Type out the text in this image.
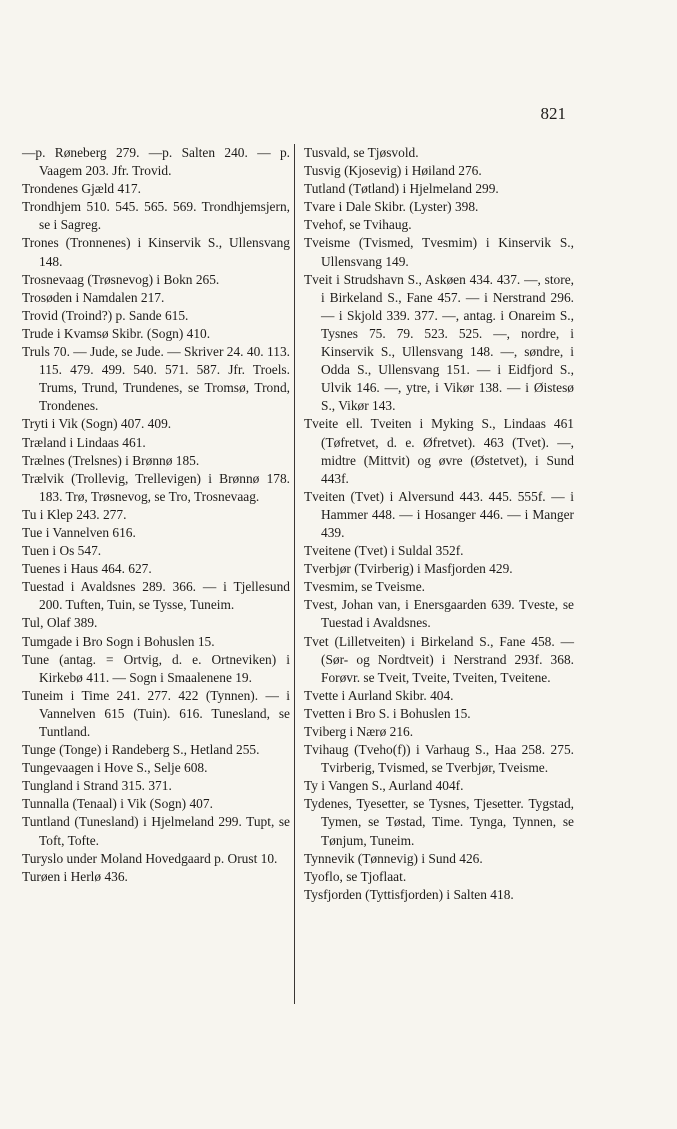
821
—p. Røneberg 279. —p. Salten 240. — p. Vaagem 203. Jfr. Trovid.
Trondenes Gjæld 417.
Trondhjem 510. 545. 565. 569. Trondhjemsjern, se i Sagreg.
Trones (Tronnenes) i Kinservik S., Ullensvang 148.
Trosnevaag (Trøsnevog) i Bokn 265.
Trosøden i Namdalen 217.
Trovid (Troind?) p. Sande 615.
Trude i Kvamsø Skibr. (Sogn) 410.
Truls 70. — Jude, se Jude. — Skriver 24. 40. 113. 115. 479. 499. 540. 571. 587. Jfr. Troels. Trums, Trund, Trundenes, se Tromsø, Trond, Trondenes.
Tryti i Vik (Sogn) 407. 409.
Træland i Lindaas 461.
Trælnes (Trelsnes) i Brønnø 185.
Trælvik (Trollevig, Trellevigen) i Brønnø 178. 183. Trø, Trøsnevog, se Tro, Trosnevaag.
Tu i Klep 243. 277.
Tue i Vannelven 616.
Tuen i Os 547.
Tuenes i Haus 464. 627.
Tuestad i Avaldsnes 289. 366. — i Tjellesund 200. Tuften, Tuin, se Tysse, Tuneim.
Tul, Olaf 389.
Tumgade i Bro Sogn i Bohuslen 15.
Tune (antag. = Ortvig, d. e. Ortneviken) i Kirkebø 411. — Sogn i Smaalenene 19.
Tuneim i Time 241. 277. 422 (Tynnen). — i Vannelven 615 (Tuin). 616. Tunesland, se Tuntland.
Tunge (Tonge) i Randeberg S., Hetland 255.
Tungevaagen i Hove S., Selje 608.
Tungland i Strand 315. 371.
Tunnalla (Tenaal) i Vik (Sogn) 407.
Tuntland (Tunesland) i Hjelmeland 299. Tupt, se Toft, Tofte.
Turyslo under Moland Hovedgaard p. Orust 10.
Turøen i Herlø 436.
Tusvald, se Tjøsvold.
Tusvig (Kjosevig) i Høiland 276.
Tutland (Tøtland) i Hjelmeland 299.
Tvare i Dale Skibr. (Lyster) 398.
Tvehof, se Tvihaug.
Tveisme (Tvismed, Tvesmim) i Kinservik S., Ullensvang 149.
Tveit i Strudshavn S., Askøen 434. 437. —, store, i Birkeland S., Fane 457. — i Nerstrand 296. — i Skjold 339. 377. —, antag. i Onareim S., Tysnes 75. 79. 523. 525. —, nordre, i Kinservik S., Ullensvang 148. —, søndre, i Odda S., Ullensvang 151. — i Eidfjord S., Ulvik 146. —, ytre, i Vikør 138. — i Øistesø S., Vikør 143.
Tveite ell. Tveiten i Myking S., Lindaas 461 (Tøfretvet, d. e. Øfretvet). 463 (Tvet). —, midtre (Mittvit) og øvre (Østetvet), i Sund 443f.
Tveiten (Tvet) i Alversund 443. 445. 555f. — i Hammer 448. — i Hosanger 446. — i Manger 439.
Tveitene (Tvet) i Suldal 352f.
Tverbjør (Tvirberig) i Masfjorden 429.
Tvesmim, se Tveisme.
Tvest, Johan van, i Enersgaarden 639. Tveste, se Tuestad i Avaldsnes.
Tvet (Lilletveiten) i Birkeland S., Fane 458. — (Sør- og Nordtveit) i Nerstrand 293f. 368. Forøvr. se Tveit, Tveite, Tveiten, Tveitene.
Tvette i Aurland Skibr. 404.
Tvetten i Bro S. i Bohuslen 15.
Tviberg i Nærø 216.
Tvihaug (Tveho(f)) i Varhaug S., Haa 258. 275. Tvirberig, Tvismed, se Tverbjør, Tveisme.
Ty i Vangen S., Aurland 404f.
Tydenes, Tyesetter, se Tysnes, Tjesetter. Tygstad, Tymen, se Tøstad, Time. Tynga, Tynnen, se Tønjum, Tuneim.
Tynnevik (Tønnevig) i Sund 426.
Tyoflo, se Tjoflaat.
Tysfjorden (Tyttisfjorden) i Salten 418.
